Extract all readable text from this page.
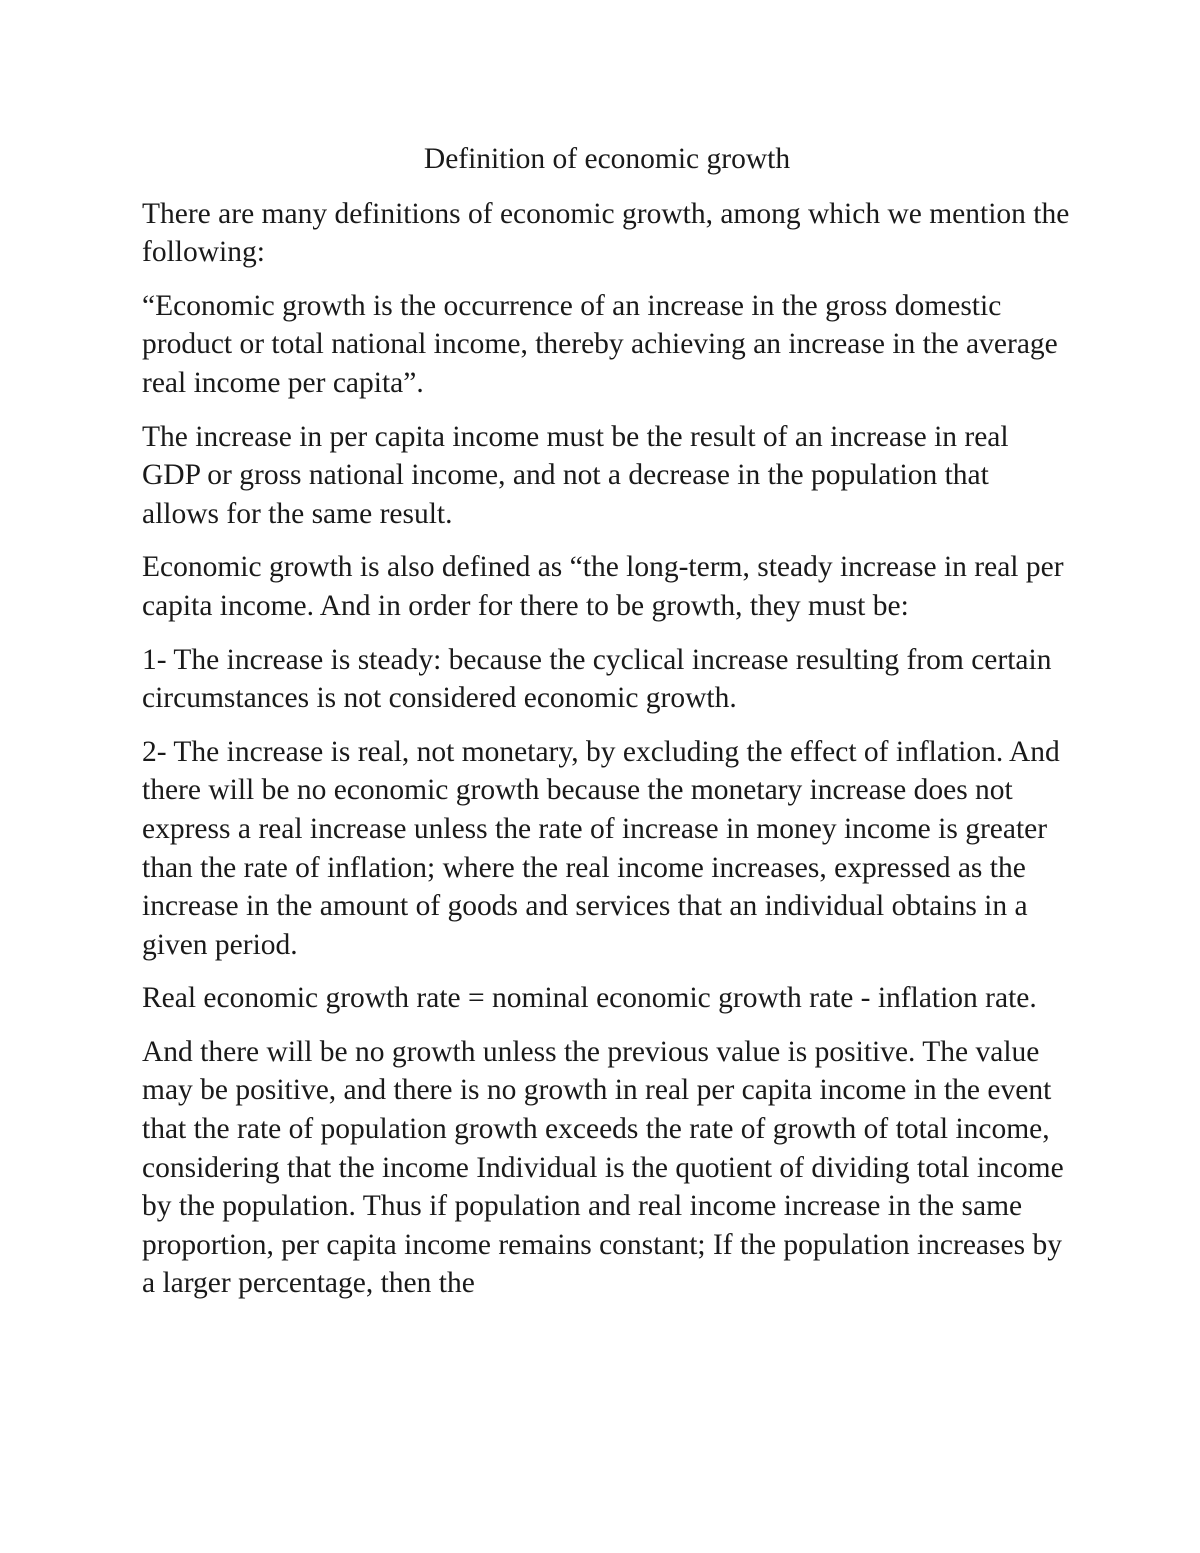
Definition of economic growth

There are many definitions of economic growth, among which we mention the following:

“Economic growth is the occurrence of an increase in the gross domestic product or total national income, thereby achieving an increase in the average real income per capita”.

The increase in per capita income must be the result of an increase in real GDP or gross national income, and not a decrease in the population that allows for the same result.

Economic growth is also defined as “the long-term, steady increase in real per capita income. And in order for there to be growth, they must be:

1- The increase is steady: because the cyclical increase resulting from certain circumstances is not considered economic growth.

2- The increase is real, not monetary, by excluding the effect of inflation. And there will be no economic growth because the monetary increase does not express a real increase unless the rate of increase in money income is greater than the rate of inflation; where the real income increases, expressed as the increase in the amount of goods and services that an individual obtains in a given period.

Real economic growth rate = nominal economic growth rate - inflation rate.

And there will be no growth unless the previous value is positive. The value may be positive, and there is no growth in real per capita income in the event that the rate of population growth exceeds the rate of growth of total income, considering that the income Individual is the quotient of dividing total income by the population. Thus if population and real income increase in the same proportion, per capita income remains constant; If the population increases by a larger percentage, then the
